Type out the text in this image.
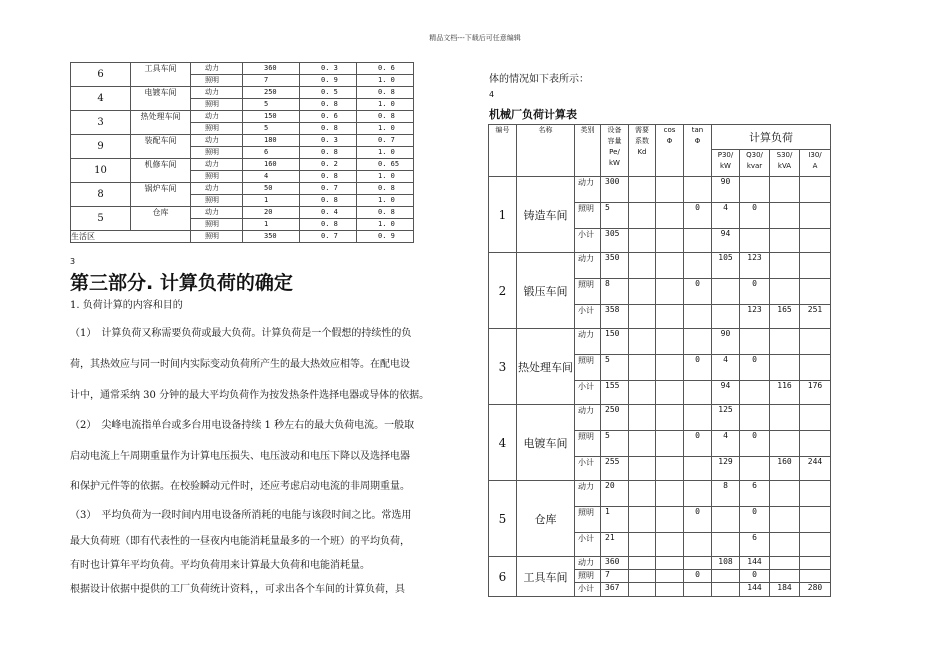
精品文档---下载后可任意编辑
6	工具车间	动力	360	0. 3	0. 6
		照明	7	0. 9	1. 0
4	电镀车间	动力	250	0. 5	0. 8
		照明	5	0. 8	1. 0
3	热处理车间	动力	150	0. 6	0. 8
		照明	5	0. 8	1. 0
9	装配车间	动力	180	0. 3	0. 7
		照明	6	0. 8	1. 0
10	机修车间	动力	160	0. 2	0. 65
		照明	4	0. 8	1. 0
8	锅炉车间	动力	50	0. 7	0. 8
		照明	1	0. 8	1. 0
5	仓库	动力	20	0. 4	0. 8
		照明	1	0. 8	1. 0
生活区		照明	350	0. 7	0. 9
3
第三部分. 计算负荷的确定
1. 负荷计算的内容和目的
（1）　计算负荷又称需要负荷或最大负荷。计算负荷是一个假想的持续性的负
荷，其热效应与同一时间内实际变动负荷所产生的最大热效应相等。在配电设
计中，通常采纳 30 分钟的最大平均负荷作为按发热条件选择电器或导体的依据。
（2）　尖峰电流指单台或多台用电设备持续 1 秒左右的最大负荷电流。一般取
启动电流上午周期重量作为计算电压损失、电压波动和电压下降以及选择电器
和保护元件等的依据。在校验瞬动元件时，还应考虑启动电流的非周期重量。
（3）　平均负荷为一段时间内用电设备所消耗的电能与该段时间之比。常选用
最大负荷班（即有代表性的一昼夜内电能消耗量最多的一个班）的平均负荷，
有时也计算年平均负荷。平均负荷用来计算最大负荷和电能消耗量。
根据设计依据中提供的工厂负荷统计资料，，可求出各个车间的计算负荷，具
体的情况如下表所示：
4
机械厂负荷计算表
编号	名称	类别	设备
容量
Pe/
kW	需要
系数
Kd	cos
Φ	tan
Φ	计算负荷			
							P30/
kW	Q30/
kvar	S30/
kVA	I30/
A
1	铸造车间	动力	300				90			
		照明	5			0	4	0		
		小计	305				94			
2	锻压车间	动力	350				105	123		
		照明	8			0		0		
		小计	358					123	165	251
3	热处理车间	动力	150				90			
		照明	5			0	4	0		
		小计	155				94		116	176
4	电镀车间	动力	250				125			
		照明	5			0	4	0		
		小计	255				129		160	244
5	仓库	动力	20				8	6		
		照明	1			0		0		
		小计	21					6		
6	工具车间	动力	360				108	144		
		照明	7			0		0		
		小计	367					144	184	280
